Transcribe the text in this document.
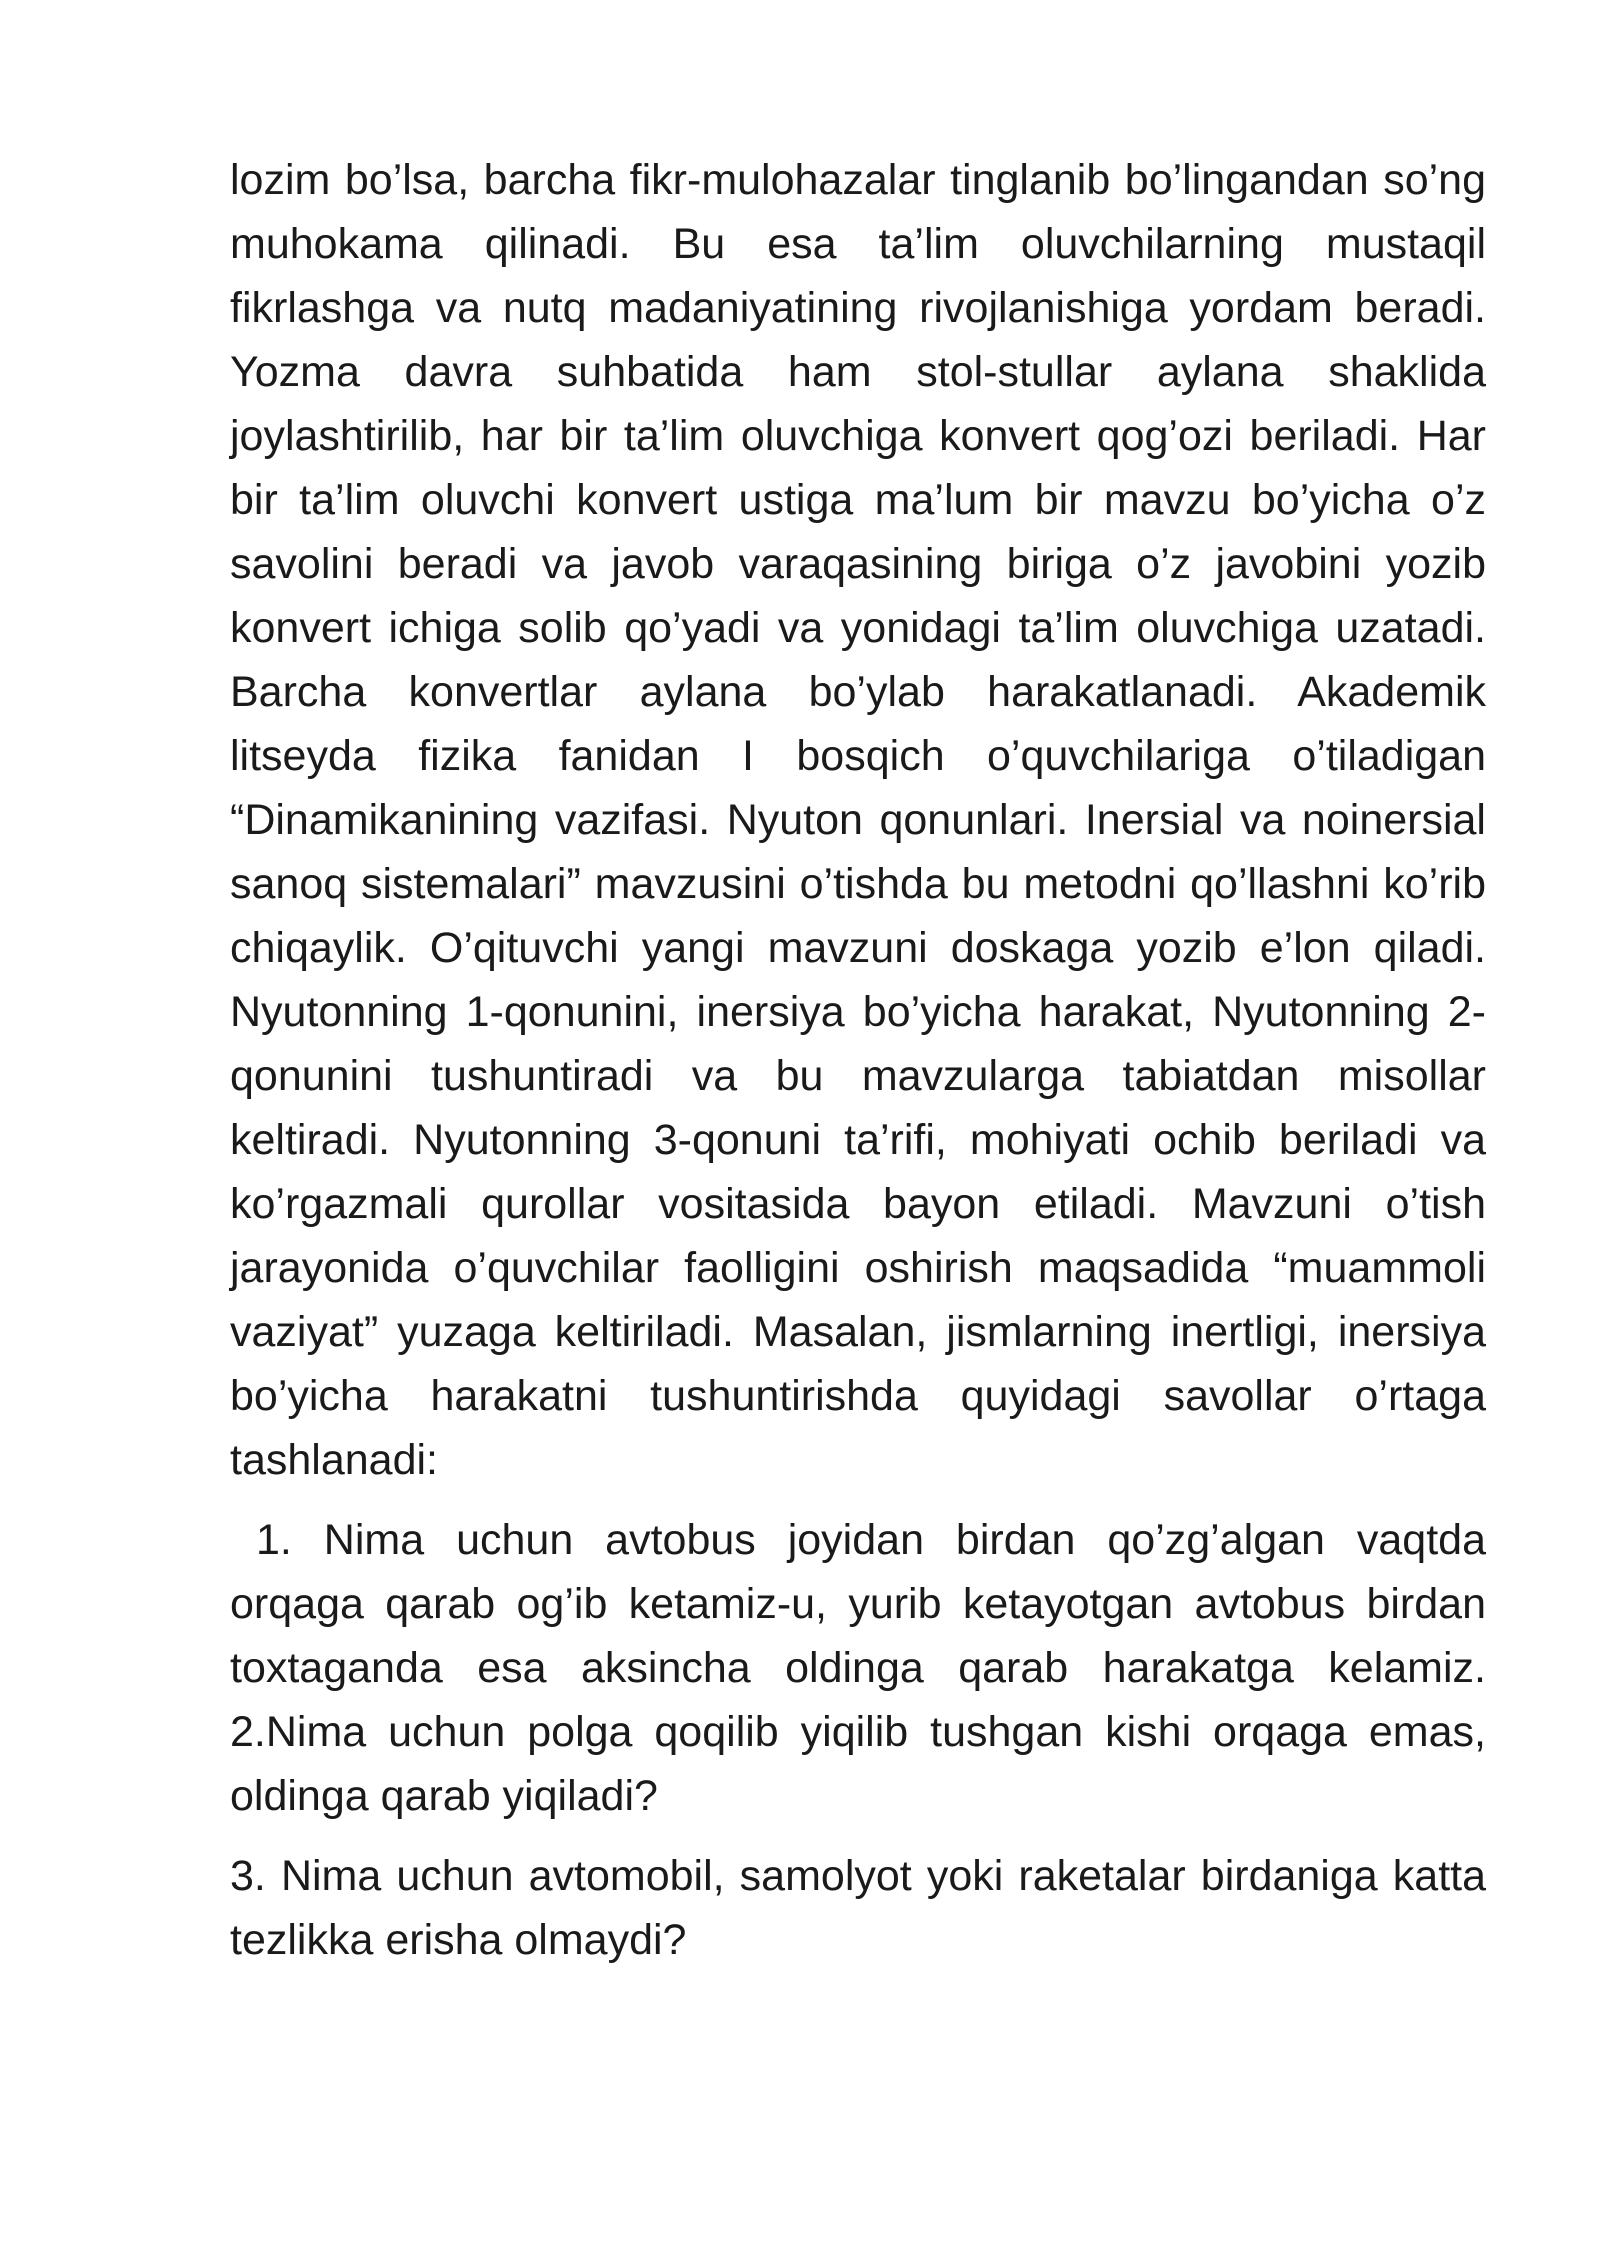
lozim bo’lsa, barcha fikr-mulohazalar tinglanib bo’lingandan so’ng muhokama qilinadi. Bu esa ta’lim oluvchilarning mustaqil fikrlashga va nutq madaniyatining rivojlanishiga yordam beradi. Yozma davra suhbatida ham stol-stullar aylana shaklida joylashtirilib, har bir ta’lim oluvchiga konvert qog’ozi beriladi. Har bir ta’lim oluvchi konvert ustiga ma’lum bir mavzu bo’yicha o’z savolini beradi va javob varaqasining biriga o’z javobini yozib konvert ichiga solib qo’yadi va yonidagi ta’lim oluvchiga uzatadi. Barcha konvertlar aylana bo’ylab harakatlanadi. Akademik litseyda fizika fanidan I bosqich o’quvchilariga o’tiladigan “Dinamikanining vazifasi. Nyuton qonunlari. Inersial va noinersial sanoq sistemalari” mavzusini o’tishda bu metodni qo’llashni ko’rib chiqaylik. O’qituvchi yangi mavzuni doskaga yozib e’lon qiladi. Nyutonning 1-qonunini, inersiya bo’yicha harakat, Nyutonning 2-qonunini tushuntiradi va bu mavzularga tabiatdan misollar keltiradi. Nyutonning 3-qonuni ta’rifi, mohiyati ochib beriladi va ko’rgazmali qurollar vositasida bayon etiladi. Mavzuni o’tish jarayonida o’quvchilar faolligini oshirish maqsadida “muammoli vaziyat” yuzaga keltiriladi. Masalan, jismlarning inertligi, inersiya bo’yicha harakatni tushuntirishda quyidagi savollar o’rtaga tashlanadi:

1. Nima uchun avtobus joyidan birdan qo’zg’algan vaqtda orqaga qarab og’ib ketamiz-u, yurib ketayotgan avtobus birdan toxtaganda esa aksincha oldinga qarab harakatga kelamiz. 2.Nima uchun polga qoqilib yiqilib tushgan kishi orqaga emas, oldinga qarab yiqiladi?

3. Nima uchun avtomobil, samolyot yoki raketalar birdaniga katta tezlikka erisha olmaydi?
